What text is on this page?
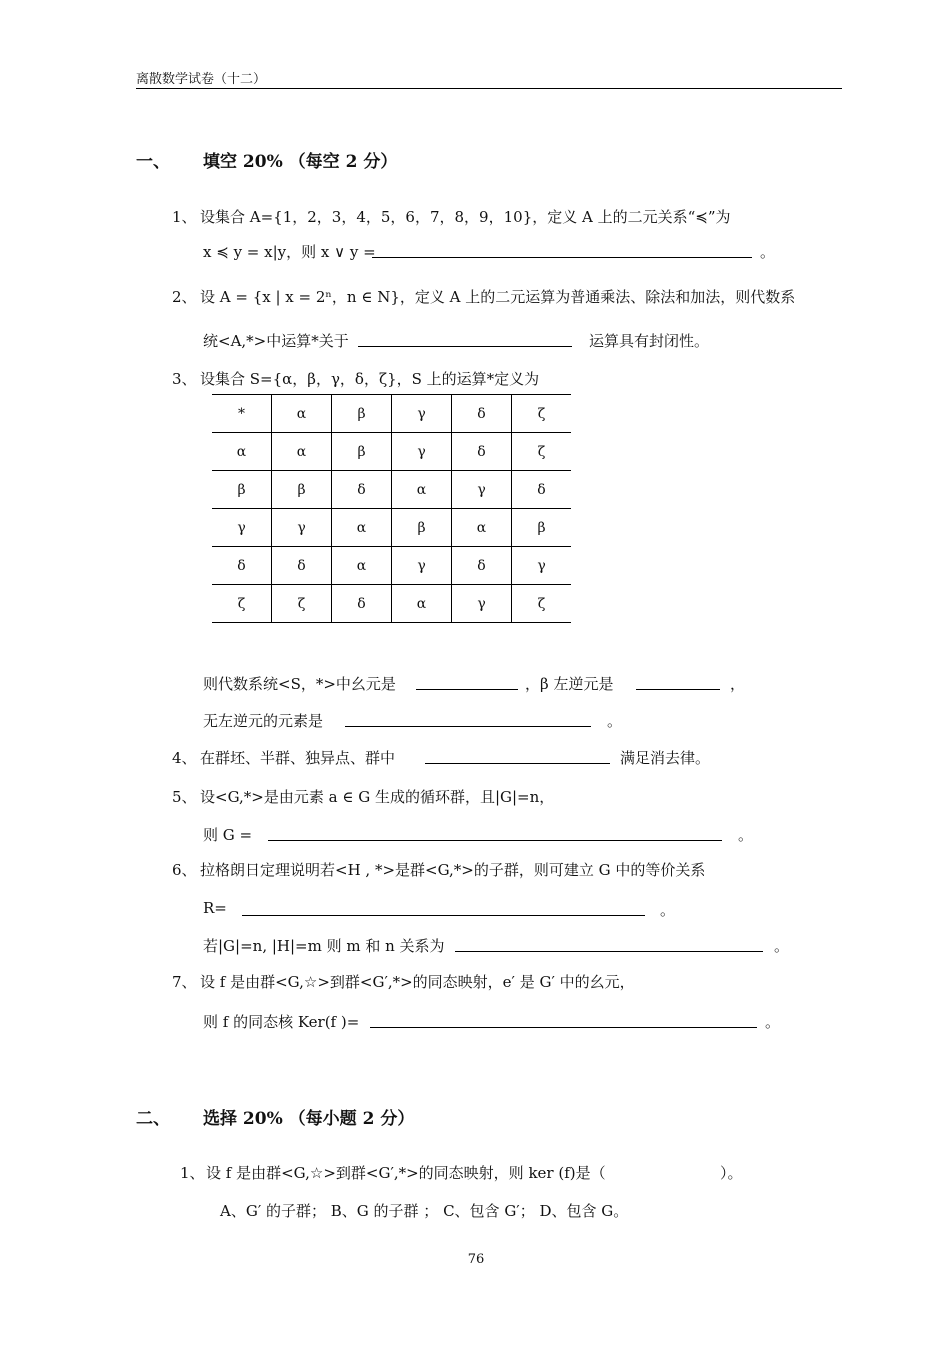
离散数学试卷（十二）
一、 填空 20% （每空 2 分）
1、 设集合 A={1，2，3，4，5，6，7，8，9，10}，定义 A 上的二元关系“≼”为
x ≼ y = x|y，则 x ∨ y =	。
2、 设 A = {x | x = 2ⁿ，n ∈ N}，定义 A 上的二元运算为普通乘法、除法和加法，则代数系
统<A,*>中运算*关于	运算具有封闭性。
3、 设集合 S={α，β，γ，δ，ζ}，S 上的运算*定义为
*	α	β	γ	δ	ζ
α	α	β	γ	δ	ζ
β	β	δ	α	γ	δ
γ	γ	α	β	α	β
δ	δ	α	γ	δ	γ
ζ	ζ	δ	α	γ	ζ
则代数系统<S，*>中幺元是	，β 左逆元是	，
无左逆元的元素是	。
4、 在群坯、半群、独异点、群中	满足消去律。
5、 设<G,*>是由元素 a ∈ G 生成的循环群，且|G|=n，
则 G =	。
6、 拉格朗日定理说明若<H , *>是群<G,*>的子群，则可建立 G 中的等价关系
R=	。
若|G|=n, |H|=m 则 m 和 n 关系为	。
7、 设 f 是由群<G,☆>到群<G′,*>的同态映射，e′ 是 G′ 中的幺元，
则 f 的同态核 Ker(f )=	。
二、 选择 20% （每小题 2 分）
1、 设 f 是由群<G,☆>到群<G′,*>的同态映射，则 ker (f)是（	）。
A、G′ 的子群； B、G 的子群 ； C、包含 G′； D、包含 G。
76
